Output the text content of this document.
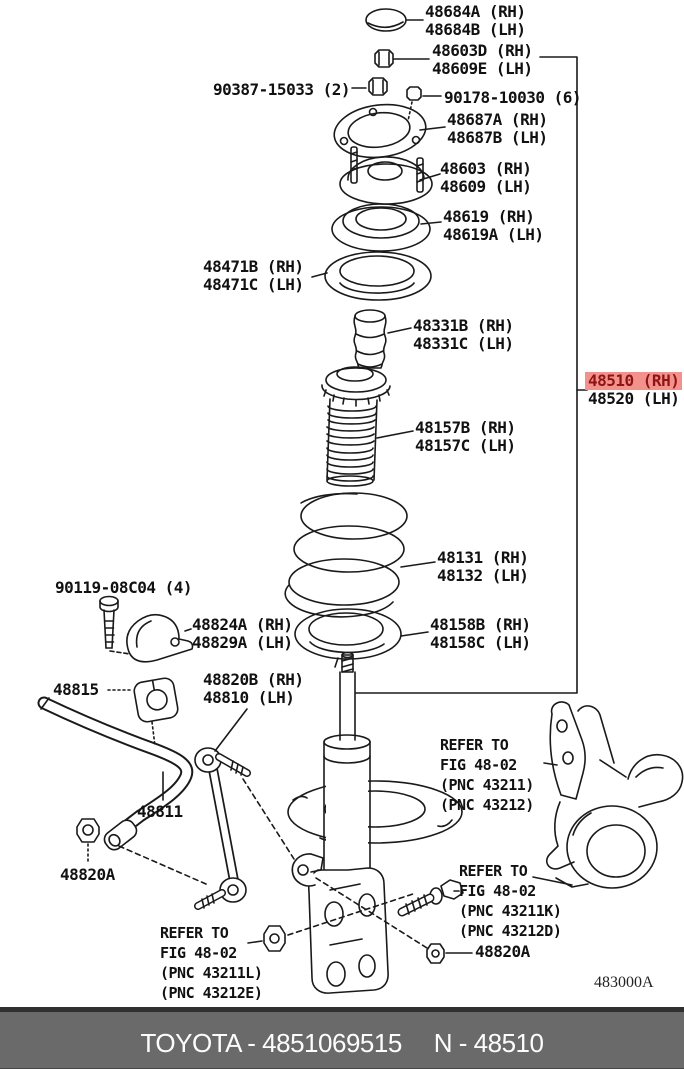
48684A (RH)
48684B (LH)
48603D (RH)
48609E (LH)
90387-15033 (2)	90178-10030 (6)
48687A (RH)
48687B (LH)
48603 (RH)
48609 (LH)
48619 (RH)
48619A (LH)
48471B (RH)
48471C (LH)
48331B (RH)
48331C (LH)
48510 (RH)
48520 (LH)
48157B (RH)
48157C (LH)
48131 (RH)
48132 (LH)
90119-08C04 (4)
48824A (RH)
48829A (LH)
48158B (RH)
48158C (LH)
48815
48820B (RH)
48810 (LH)
48811
48820A
REFER TO
FIG 48-02
(PNC 43211)
(PNC 43212)
REFER TO
FIG 48-02
(PNC 43211K)
(PNC 43212D)
48820A
REFER TO
FIG 48-02
(PNC 43211L)
(PNC 43212E)
483000A
TOYOTA - 4851069515 N - 48510
